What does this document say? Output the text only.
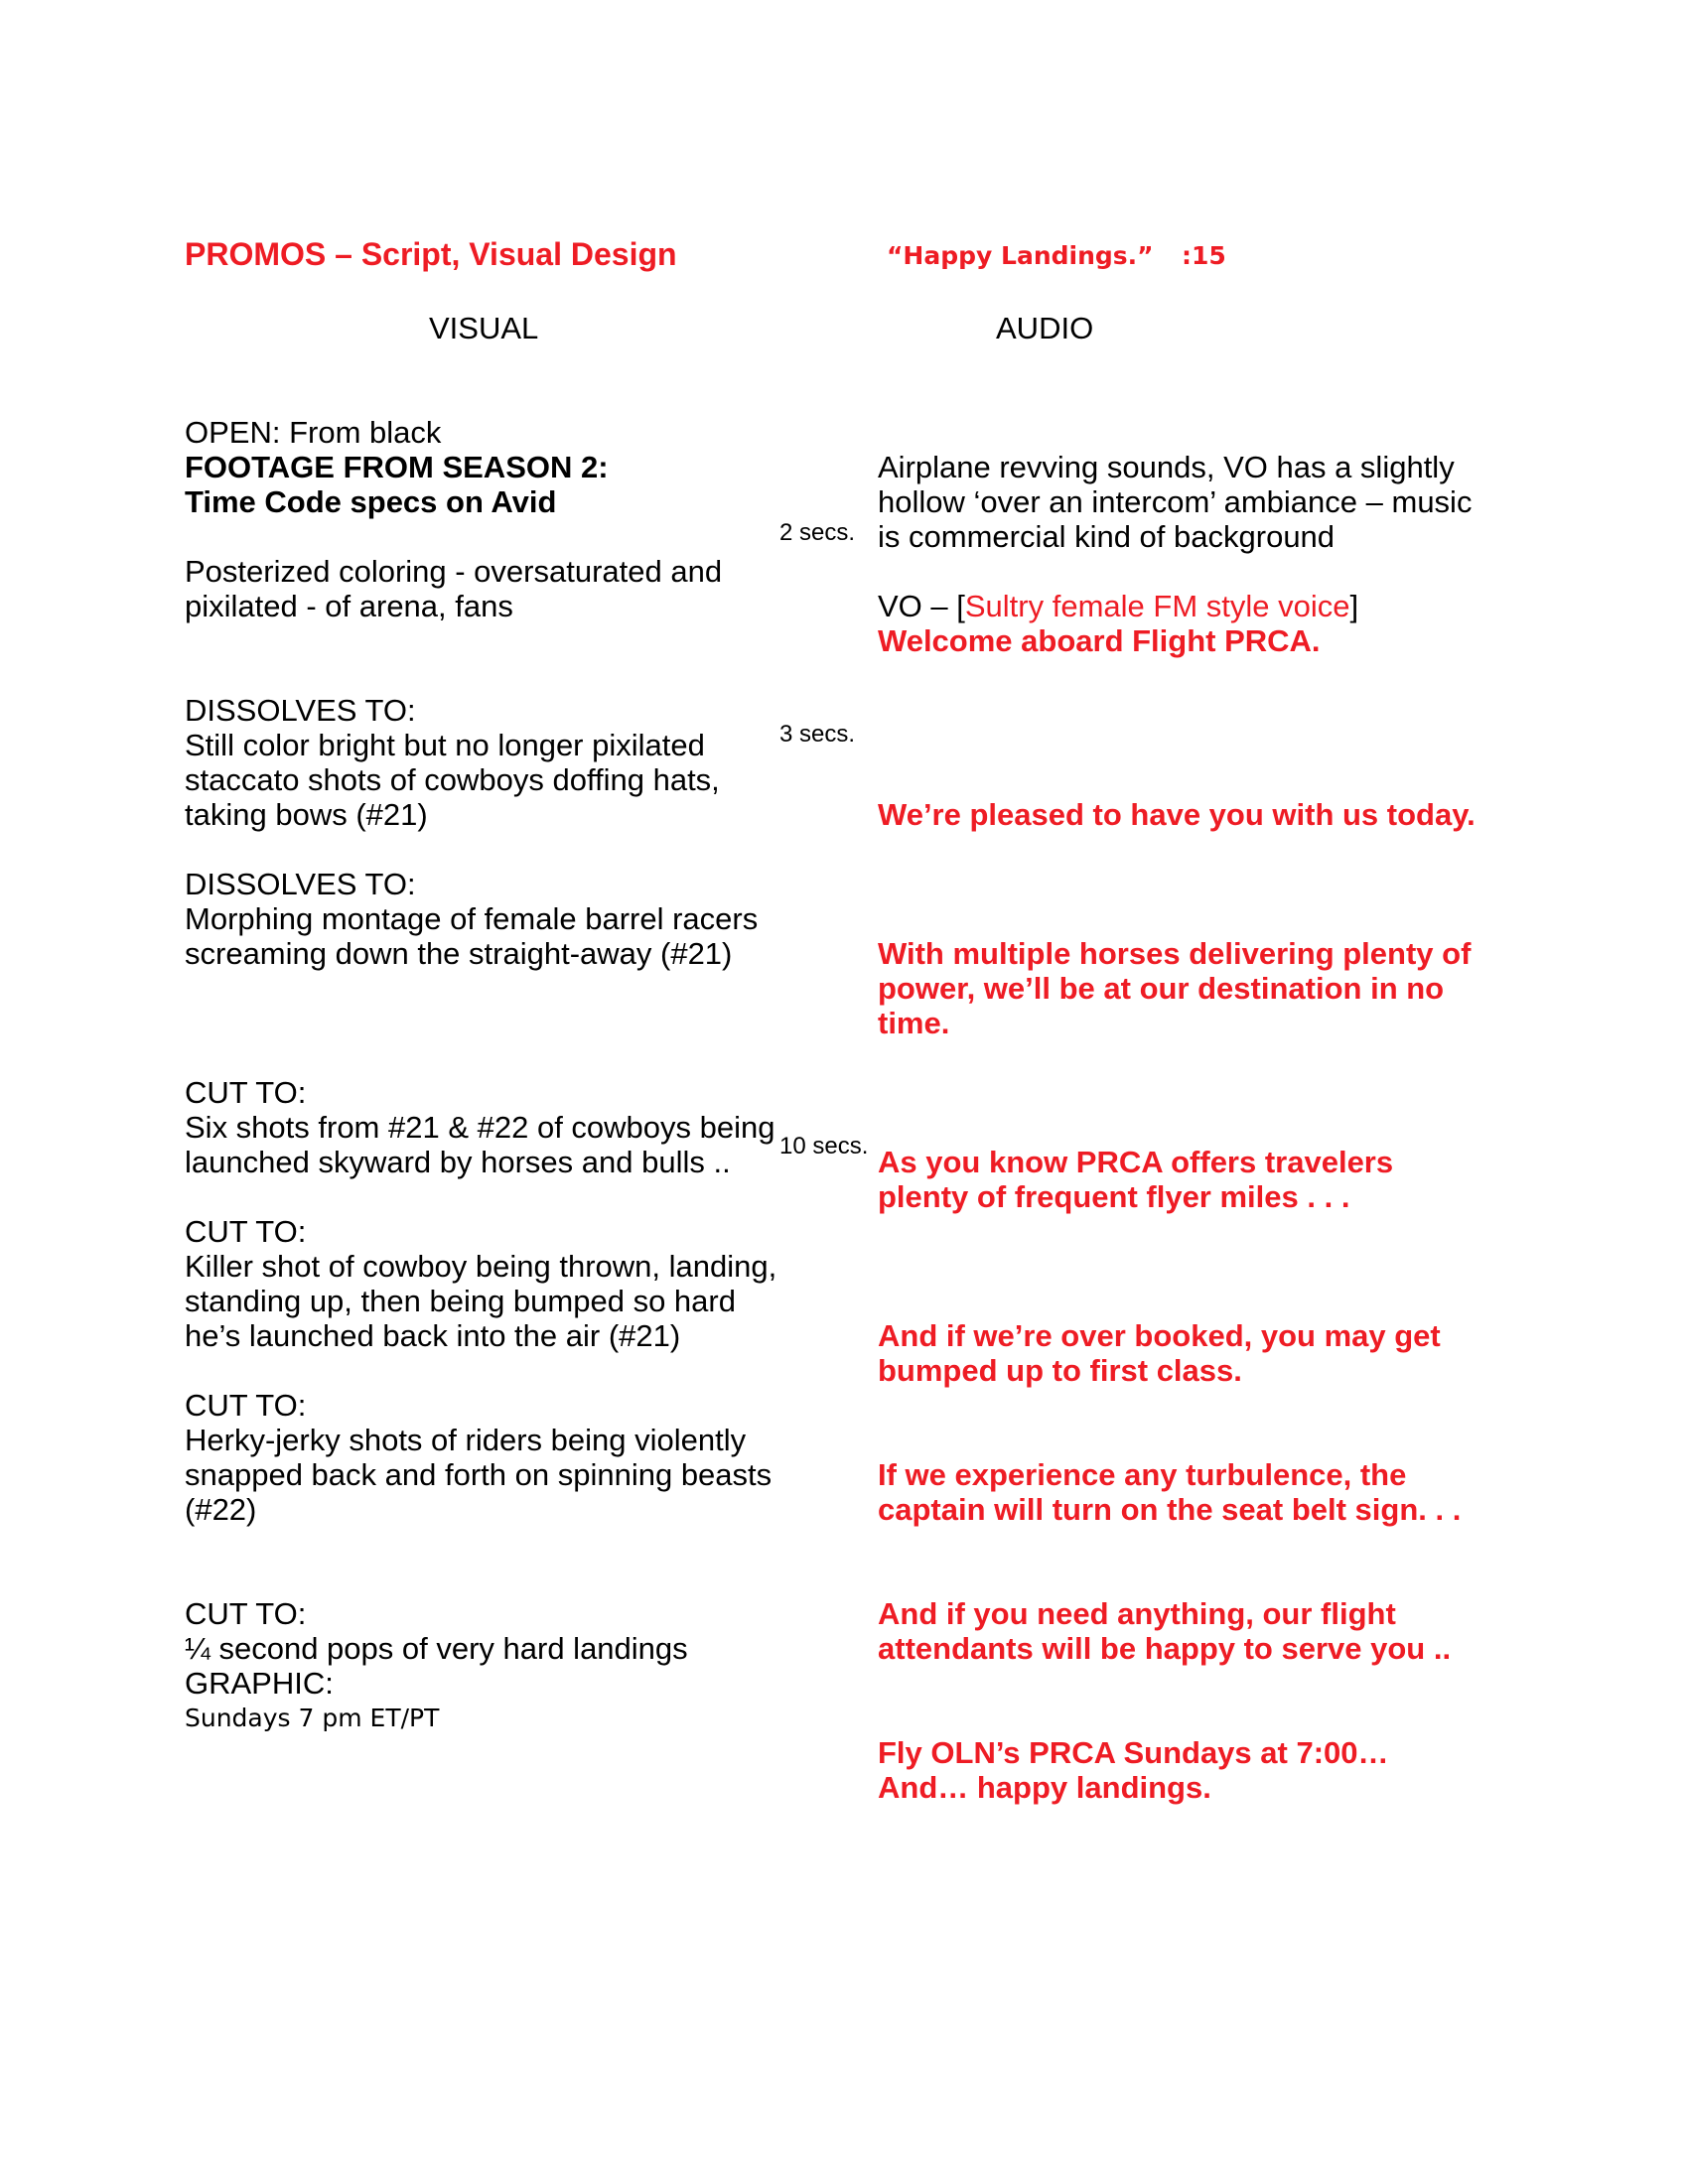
PROMOS – Script, Visual Design	“Happy Landings.” :15
VISUAL	AUDIO
OPEN: From black
FOOTAGE FROM SEASON 2:
Time Code specs on Avid
Posterized coloring - oversaturated and
pixilated - of arena, fans
DISSOLVES TO:
Still color bright but no longer pixilated
staccato shots of cowboys doffing hats,
taking bows (#21)
DISSOLVES TO:
Morphing montage of female barrel racers
screaming down the straight-away (#21)
CUT TO:
Six shots from #21 & #22 of cowboys being
launched skyward by horses and bulls ..
CUT TO:
Killer shot of cowboy being thrown, landing,
standing up, then being bumped so hard
he’s launched back into the air (#21)
CUT TO:
Herky-jerky shots of riders being violently
snapped back and forth on spinning beasts
(#22)
CUT TO:
¼ second pops of very hard landings
GRAPHIC:
Sundays 7 pm ET/PT
2 secs.
3 secs.
10 secs.
Airplane revving sounds, VO has a slightly
hollow ‘over an intercom’ ambiance – music
is commercial kind of background
VO – [Sultry female FM style voice]
Welcome aboard Flight PRCA.
We’re pleased to have you with us today.
With multiple horses delivering plenty of
power, we’ll be at our destination in no
time.
As you know PRCA offers travelers
plenty of frequent flyer miles . . .
And if we’re over booked, you may get
bumped up to first class.
If we experience any turbulence, the
captain will turn on the seat belt sign. . .
And if you need anything, our flight
attendants will be happy to serve you ..
Fly OLN’s PRCA Sundays at 7:00…
And… happy landings.
